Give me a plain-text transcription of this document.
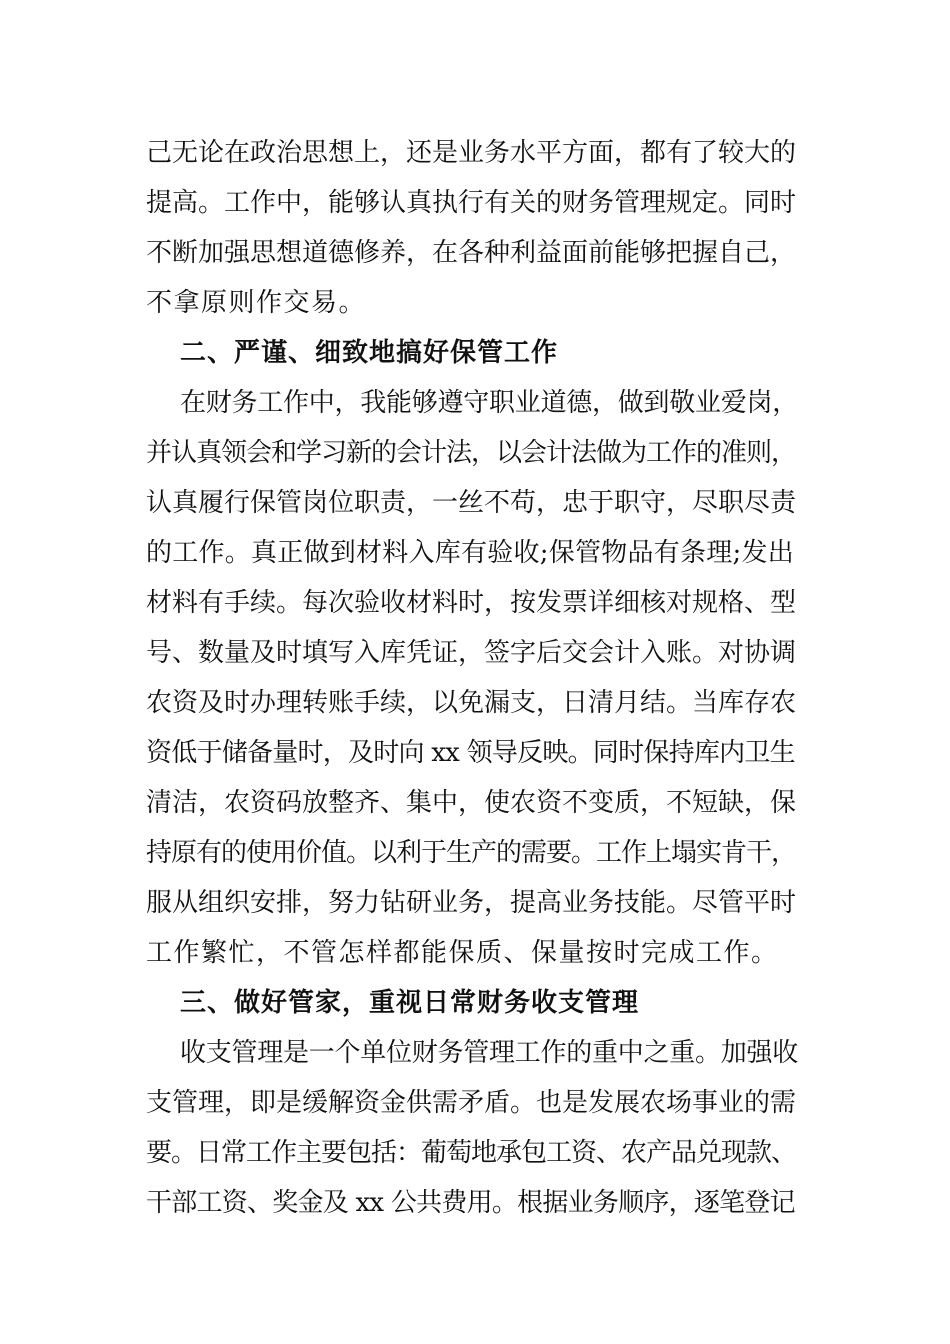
己无论在政治思想上，还是业务水平方面，都有了较大的
提高。工作中，能够认真执行有关的财务管理规定。同时
不断加强思想道德修养，在各种利益面前能够把握自己，
不拿原则作交易。
二、严谨、细致地搞好保管工作
在财务工作中，我能够遵守职业道德，做到敬业爱岗，
并认真领会和学习新的会计法，以会计法做为工作的准则，
认真履行保管岗位职责，一丝不苟，忠于职守，尽职尽责
的工作。真正做到材料入库有验收;保管物品有条理;发出
材料有手续。每次验收材料时，按发票详细核对规格、型
号、数量及时填写入库凭证，签字后交会计入账。对协调
农资及时办理转账手续，以免漏支，日清月结。当库存农
资低于储备量时，及时向 xx 领导反映。同时保持库内卫生
清洁，农资码放整齐、集中，使农资不变质，不短缺，保
持原有的使用价值。以利于生产的需要。工作上塌实肯干，
服从组织安排，努力钻研业务，提高业务技能。尽管平时
工作繁忙，不管怎样都能保质、保量按时完成工作。
三、做好管家，重视日常财务收支管理
收支管理是一个单位财务管理工作的重中之重。加强收
支管理，即是缓解资金供需矛盾。也是发展农场事业的需
要。日常工作主要包括：葡萄地承包工资、农产品兑现款、
干部工资、奖金及 xx 公共费用。根据业务顺序，逐笔登记
